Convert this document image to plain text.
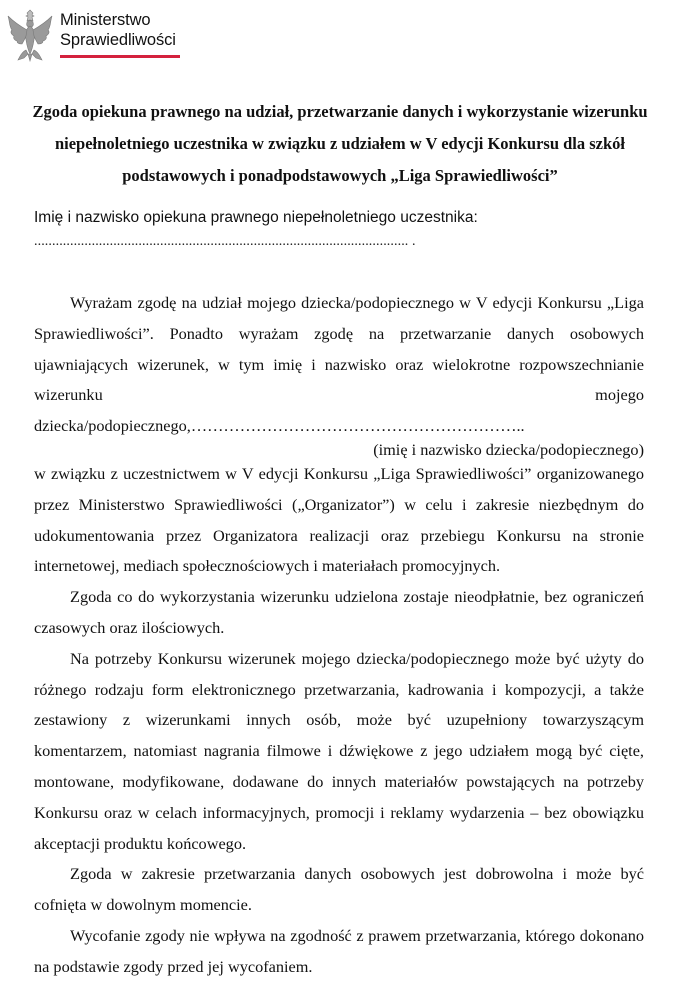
Ministerstwo
Sprawiedliwości
Zgoda opiekuna prawnego na udział, przetwarzanie danych i wykorzystanie wizerunku niepełnoletniego uczestnika w związku z udziałem w V edycji Konkursu dla szkół podstawowych i ponadpodstawowych „Liga Sprawiedliwości”

Imię i nazwisko opiekuna prawnego niepełnoletniego uczestnika:

........................................................................................................ .

Wyrażam zgodę na udział mojego dziecka/podopiecznego w V edycji Konkursu „Liga Sprawiedliwości”. Ponadto wyrażam zgodę na przetwarzanie danych osobowych ujawniających wizerunek, w tym imię i nazwisko oraz wielokrotne rozpowszechnianie wizerunku mojego dziecka/podopiecznego,……………………………………………………..
(imię i nazwisko dziecka/podopiecznego)

w związku z uczestnictwem w V edycji Konkursu „Liga Sprawiedliwości” organizowanego przez Ministerstwo Sprawiedliwości („Organizator”) w celu i zakresie niezbędnym do udokumentowania przez Organizatora realizacji oraz przebiegu Konkursu na stronie internetowej, mediach społecznościowych i materiałach promocyjnych.

Zgoda co do wykorzystania wizerunku udzielona zostaje nieodpłatnie, bez ograniczeń czasowych oraz ilościowych.

Na potrzeby Konkursu wizerunek mojego dziecka/podopiecznego może być użyty do różnego rodzaju form elektronicznego przetwarzania, kadrowania i kompozycji, a także zestawiony z wizerunkami innych osób, może być uzupełniony towarzyszącym komentarzem, natomiast nagrania filmowe i dźwiękowe z jego udziałem mogą być cięte, montowane, modyfikowane, dodawane do innych materiałów powstających na potrzeby Konkursu oraz w celach informacyjnych, promocji i reklamy wydarzenia – bez obowiązku akceptacji produktu końcowego.

Zgoda w zakresie przetwarzania danych osobowych jest dobrowolna i może być cofnięta w dowolnym momencie.

Wycofanie zgody nie wpływa na zgodność z prawem przetwarzania, którego dokonano na podstawie zgody przed jej wycofaniem.
